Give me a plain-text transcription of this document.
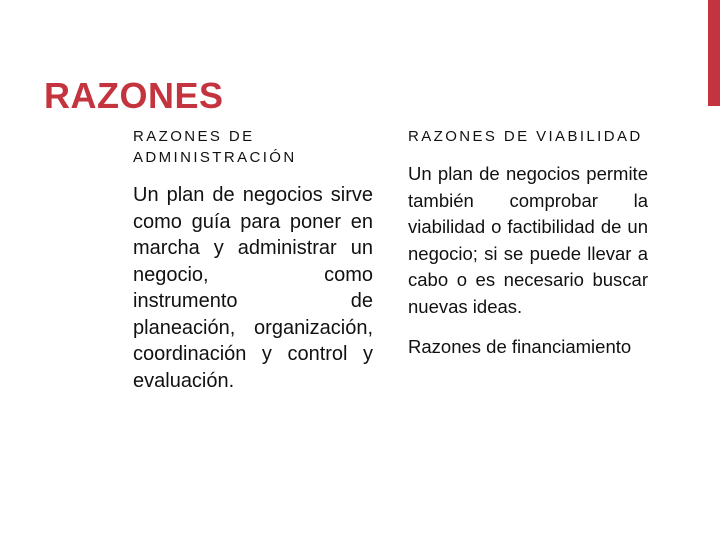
RAZONES
RAZONES DE ADMINISTRACIÓN

Un plan de negocios sirve como guía para poner en marcha y administrar un negocio, como instrumento de planeación, organización, coordinación y control y evaluación.

RAZONES DE VIABILIDAD

Un plan de negocios permite también comprobar la viabilidad o factibilidad de un negocio; si se puede llevar a cabo o es necesario buscar nuevas ideas.

Razones de financiamiento
